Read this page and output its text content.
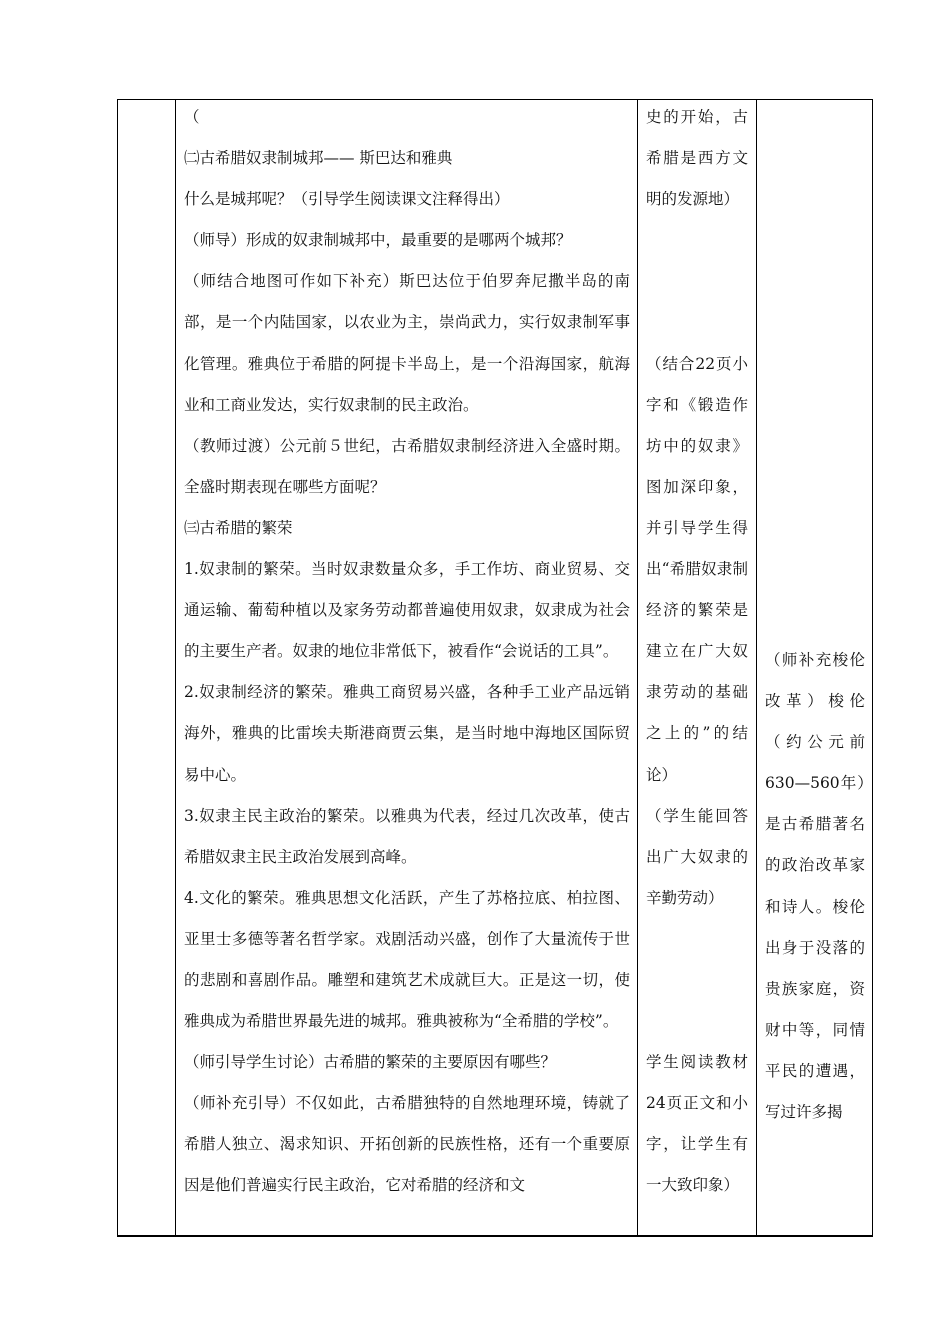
（

㈡古希腊奴隶制城邦—— 斯巴达和雅典

什么是城邦呢？（引导学生阅读课文注释得出）

（师导）形成的奴隶制城邦中，最重要的是哪两个城邦？

（师结合地图可作如下补充）斯巴达位于伯罗奔尼撒半岛的南部，是一个内陆国家，以农业为主，崇尚武力，实行奴隶制军事化管理。雅典位于希腊的阿提卡半岛上，是一个沿海国家，航海业和工商业发达，实行奴隶制的民主政治。

（教师过渡）公元前５世纪，古希腊奴隶制经济进入全盛时期。全盛时期表现在哪些方面呢？

㈢古希腊的繁荣

1.奴隶制的繁荣。当时奴隶数量众多，手工作坊、商业贸易、交通运输、葡萄种植以及家务劳动都普遍使用奴隶，奴隶成为社会的主要生产者。奴隶的地位非常低下，被看作“会说话的工具”。

2.奴隶制经济的繁荣。雅典工商贸易兴盛，各种手工业产品远销海外，雅典的比雷埃夫斯港商贾云集，是当时地中海地区国际贸易中心。

3.奴隶主民主政治的繁荣。以雅典为代表，经过几次改革，使古希腊奴隶主民主政治发展到高峰。

4.文化的繁荣。雅典思想文化活跃，产生了苏格拉底、柏拉图、亚里士多德等著名哲学家。戏剧活动兴盛，创作了大量流传于世的悲剧和喜剧作品。雕塑和建筑艺术成就巨大。正是这一切，使雅典成为希腊世界最先进的城邦。雅典被称为“全希腊的学校”。

（师引导学生讨论）古希腊的繁荣的主要原因有哪些？

（师补充引导）不仅如此，古希腊独特的自然地理环境，铸就了希腊人独立、渴求知识、开拓创新的民族性格，还有一个重要原因是他们普遍实行民主政治，它对希腊的经济和文

史的开始，古希腊是西方文明的发源地）

（结合22页小字和《锻造作坊中的奴隶》图加深印象，并引导学生得出“希腊奴隶制经济的繁荣是建立在广大奴隶劳动的基础之上的”的结论）

（学生能回答出广大奴隶的辛勤劳动）

学生阅读教材24页正文和小字，让学生有一大致印象）

（师补充梭伦改革）梭伦（约公元前 630—560年）是古希腊著名的政治改革家和诗人。梭伦出身于没落的贵族家庭，资财中等，同情平民的遭遇，写过许多揭
